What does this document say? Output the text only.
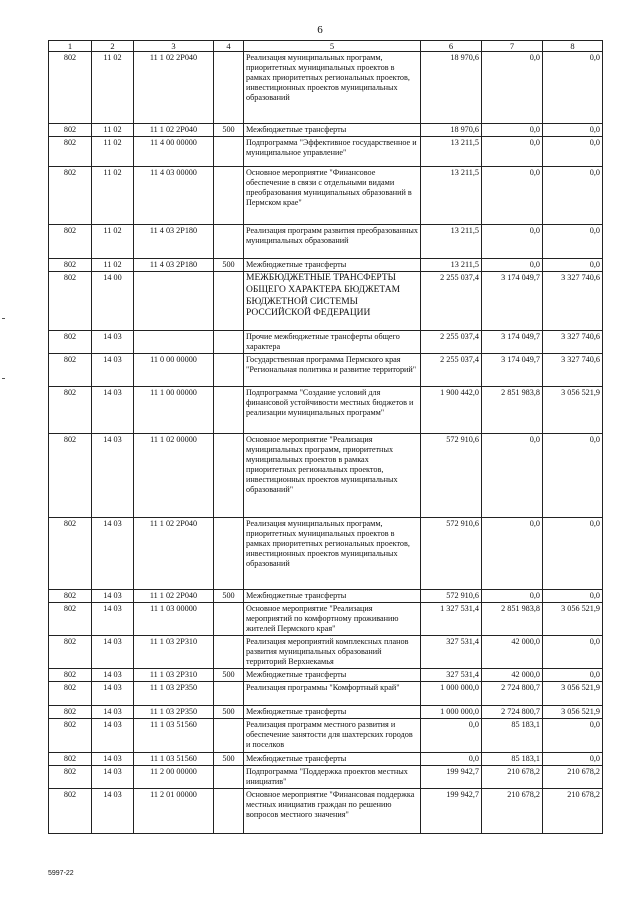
6
1	2	3	4	5	6	7	8
802	11 02	11 1 02 2P040		Реализация муниципальных программ, приоритетных муниципальных проектов в рамках приоритетных региональных проектов, инвестиционных проектов муниципальных образований	18 970,6	0,0	0,0
802	11 02	11 1 02 2P040	500	Межбюджетные трансферты	18 970,6	0,0	0,0
802	11 02	11 4 00 00000		Подпрограмма "Эффективное государственное и муниципальное управление"	13 211,5	0,0	0,0
802	11 02	11 4 03 00000		Основное мероприятие "Финансовое обеспечение в связи с отдельными видами преобразования муниципальных образований в Пермском крае"	13 211,5	0,0	0,0
802	11 02	11 4 03 2P180		Реализация программ развития преобразованных муниципальных образований	13 211,5	0,0	0,0
802	11 02	11 4 03 2P180	500	Межбюджетные трансферты	13 211,5	0,0	0,0
802	14 00			МЕЖБЮДЖЕТНЫЕ ТРАНСФЕРТЫ ОБЩЕГО ХАРАКТЕРА БЮДЖЕТАМ БЮДЖЕТНОЙ СИСТЕМЫ РОССИЙСКОЙ ФЕДЕРАЦИИ	2 255 037,4	3 174 049,7	3 327 740,6
802	14 03			Прочие межбюджетные трансферты общего характера	2 255 037,4	3 174 049,7	3 327 740,6
802	14 03	11 0 00 00000		Государственная программа Пермского края "Региональная политика и развитие территорий"	2 255 037,4	3 174 049,7	3 327 740,6
802	14 03	11 1 00 00000		Подпрограмма "Создание условий для финансовой устойчивости местных бюджетов и реализации муниципальных программ"	1 900 442,0	2 851 983,8	3 056 521,9
802	14 03	11 1 02 00000		Основное мероприятие "Реализация муниципальных программ, приоритетных муниципальных проектов в рамках приоритетных региональных проектов, инвестиционных проектов муниципальных образований"	572 910,6	0,0	0,0
802	14 03	11 1 02 2P040		Реализация муниципальных программ, приоритетных муниципальных проектов в рамках приоритетных региональных проектов, инвестиционных проектов муниципальных образований	572 910,6	0,0	0,0
802	14 03	11 1 02 2P040	500	Межбюджетные трансферты	572 910,6	0,0	0,0
802	14 03	11 1 03 00000		Основное мероприятие "Реализация мероприятий по комфортному проживанию жителей Пермского края"	1 327 531,4	2 851 983,8	3 056 521,9
802	14 03	11 1 03 2P310		Реализация мероприятий комплексных планов развития муниципальных образований территорий Верхнекамья	327 531,4	42 000,0	0,0
802	14 03	11 1 03 2P310	500	Межбюджетные трансферты	327 531,4	42 000,0	0,0
802	14 03	11 1 03 2P350		Реализация программы "Комфортный край"	1 000 000,0	2 724 800,7	3 056 521,9
802	14 03	11 1 03 2P350	500	Межбюджетные трансферты	1 000 000,0	2 724 800,7	3 056 521,9
802	14 03	11 1 03 51560		Реализация программ местного развития и обеспечение занятости для шахтерских городов и поселков	0,0	85 183,1	0,0
802	14 03	11 1 03 51560	500	Межбюджетные трансферты	0,0	85 183,1	0,0
802	14 03	11 2 00 00000		Подпрограмма "Поддержка проектов местных инициатив"	199 942,7	210 678,2	210 678,2
802	14 03	11 2 01 00000		Основное мероприятие "Финансовая поддержка местных инициатив граждан по решению вопросов местного значения"	199 942,7	210 678,2	210 678,2
5997-22
